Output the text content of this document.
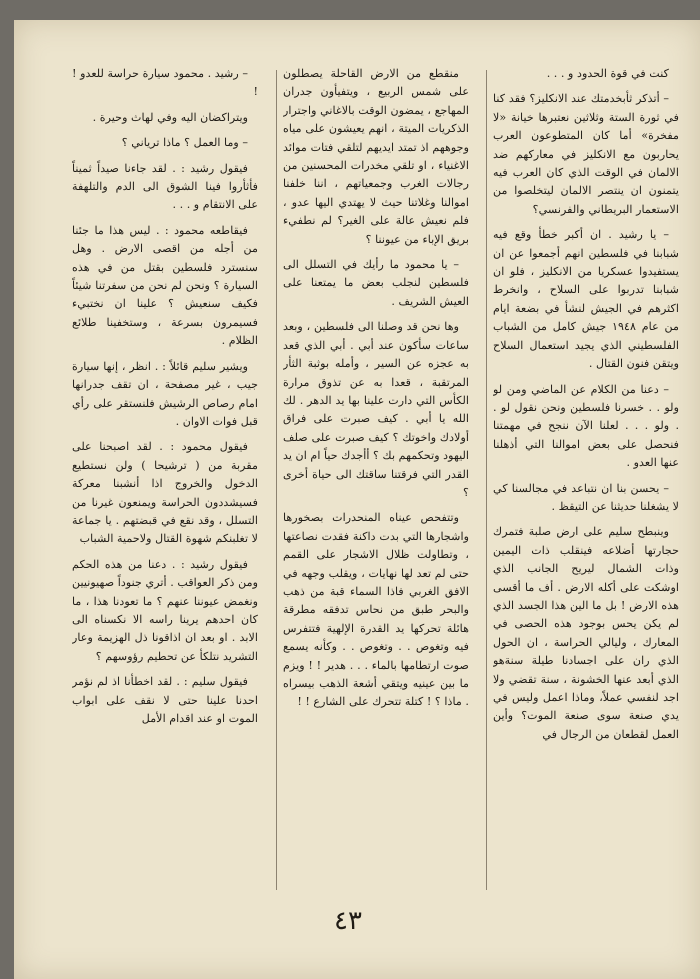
كنت في قوة الحدود و . . .

– أتذكر ثأبخدمتك عند الانكليز؟ فقد كنا في ثورة الستة وثلاثين نعتبرها خيانة «لا مفخرة» أما كان المتطوعون العرب يحاربون مع الانكليز في معاركهم ضد الالمان في الوقت الذي كان العرب فيه يتمنون ان ينتصر الالمان ليتخلصوا من الاستعمار البريطاني والفرنسي؟

– يا رشيد . ان أكبر خطأ وقع فيه شبابنا في فلسطين انهم أجمعوا عن ان يستفيدوا عسكريا من الانكليز ، فلو ان شبابنا تدربوا على السلاح ، وانخرط اكثرهم في الجيش لنشأ في بضعة ايام من عام ١٩٤٨ جيش كامل من الشباب الفلسطيني الذي يجيد استعمال السلاح ويتقن فنون القتال .

– دعنا من الكلام عن الماضي ومن لو ولو . . خسرنا فلسطين ونحن نقول لو . . ولو . . . لعلنا الآن ننجح في مهمتنا فنحصل على بعض اموالنا التي أذهلنا عنها العدو .

– يحسن بنا ان نتباعد في مجالسنا كي لا يشغلنا حديثنا عن التيقظ .

وينبطح سليم على ارض صلبة فتمرك حجارتها أضلاعه فينقلب ذات اليمين وذات الشمال ليريح الجانب الذي اوشكت على أكله الارض . أف ما أقسى هذه الارض ! بل ما الين هذا الجسد الذي لم يكن يحس بوجود هذه الحصى في المعارك ، وليالي الحراسة ، ان الحول الذي ران على اجسادنا طيلة سنةهو الذي أبعد عنها الخشونة ، سنة تقضي ولا اجد لنفسي عملاً، وماذا اعمل وليس في يدي صنعة سوى صنعة الموت؟ وأين العمل لقطعان من الرجال في

منقطع من الارض القاحلة يصطلون على شمس الربيع ، ويتفيأون جدران المهاجع ، يمضون الوقت بالاغاني واجترار الذكريات الميتة ، انهم يعيشون على مياه وجوههم اذ تمتد ايديهم لتلقي فتات موائد الاغنياء ، او تلقي مخدرات المحسنين من رجالات الغرب وجمعياتهم ، اننا خلفنا اموالنا وغلاتنا حيث لا يهتدي اليها عدو ، فلم نعيش عالة على الغير؟ لم نطفيء بريق الإباء من عيوننا ؟

– يا محمود ما رأيك في التسلل الى فلسطين لنجلب بعض ما يمتعنا على العيش الشريف .

وها نحن قد وصلنا الى فلسطين ، وبعد ساعات سأكون عند أبي . أبي الذي قعد به عجزه عن السير ، وأمله بوثبة الثأر المرتقبة ، قعدا به عن تذوق مرارة الكأس التي دارت علينا بها يد الدهر . لك الله يا أبي . كيف صبرت على فراق أولادك واخوتك ؟ كيف صبرت على صلف اليهود وتحكمهم بك ؟ أأجدك حياً ام ان يد القدر التي فرقتنا ساقتك الى حياة أخرى ؟

وتتفحص عيناه المنحدرات بصخورها واشجارها التي بدت داكنة فقدت نصاعتها ، وتطاولت ظلال الاشجار على القمم حتى لم تعد لها نهايات ، ويقلب وجهه في الافق الغربي فاذا السماء قبة من ذهب والبحر طبق من نحاس تدفقه مطرقة هائلة تحركها يد القدرة الإلهية فتتفرس فيه وتغوص . . وتغوص . . وكأنه يسمع صوت ارتطامها بالماء . . . هدير ! ! ويزم ما بين عينيه ويتقي أشعة الذهب بيسراه . ماذا ؟ ! كتلة تتحرك على الشارع ! !

– رشيد . محمود سيارة حراسة للعدو ! !

ويتراكضان اليه وفي لهاث وحيرة .

– وما العمل ؟ ماذا ترياني ؟

فيقول رشيد : . لقد جاءنا صيداً ثميناً فأثأروا فينا الشوق الى الدم والتلهفة على الانتقام و . . .

فيقاطعه محمود : . ليس هذا ما جئنا من أجله من اقصى الارض . وهل سنسترد فلسطين بقتل من في هذه السيارة ؟ ونحن لم نحن من سفرتنا شيئاً فكيف سنعيش ؟ علينا ان نختبيء فسيمرون بسرعة ، وستخفينا طلائع الظلام .

ويشير سليم قائلاً : . انظر ، إنها سيارة جيب ، غير مصفحة ، ان تقف جدرانها امام رصاص الرشيش فلنستقر على رأي قبل فوات الاوان .

فيقول محمود : . لقد اصبحنا على مقربة من ( ترشيحا ) ولن نستطيع الدخول والخروج اذا أنشبنا معركة فسيشددون الحراسة ويمنعون غيرنا من التسلل ، وقد نقع في قبضتهم . يا جماعة لا تغلبنكم شهوة القتال ولاحمية الشباب

فيقول رشيد : . دعنا من هذه الحكم ومن ذكر العواقب . أتري جنوداً صهيونيين ونغمض عيوننا عنهم ؟ ما تعودنا هذا ، ما كان احدهم يرينا راسه الا نكسناه الى الابد . او بعد ان اذاقونا ذل الهزيمة وعار التشريد نتلكأ عن تحطيم رؤوسهم ؟

فيقول سليم : . لقد اخطأنا اذ لم نؤمر احدنا علينا حتى لا نقف على ابواب الموت او عند اقدام الأمل

٤٣
